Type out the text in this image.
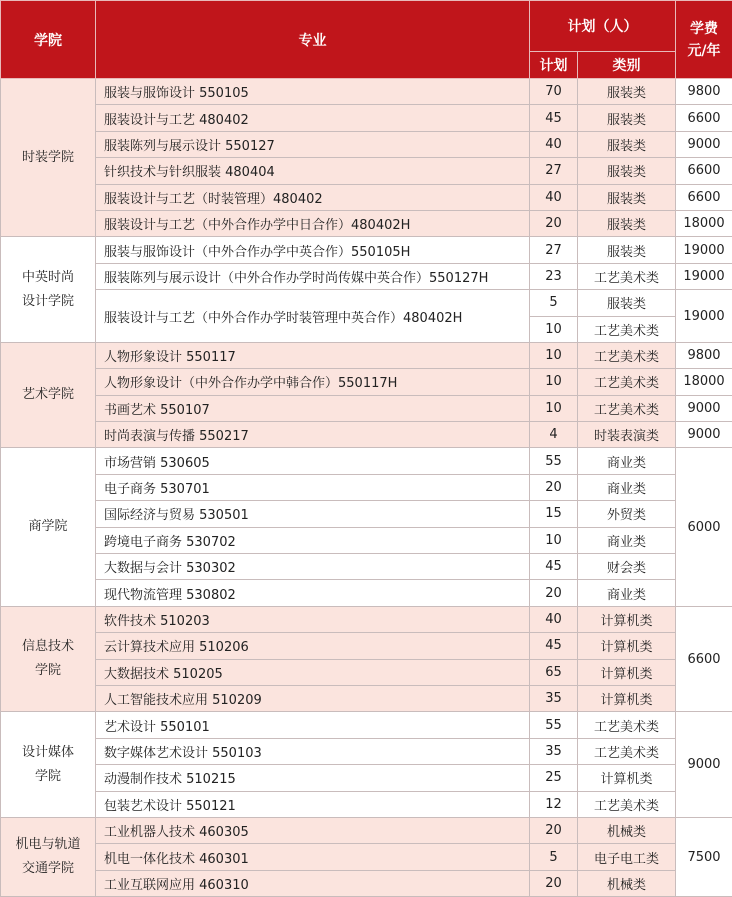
学院	专业	计划（人）		学费
元/年

		计划	类别	

时装学院	服装与服饰设计 550105	70	服装类	9800
	服装设计与工艺 480402	45	服装类	6600
	服装陈列与展示设计 550127	40	服装类	9000
	针织技术与针织服装 480404	27	服装类	6600
	服装设计与工艺（时装管理）480402	40	服装类	6600
	服装设计与工艺（中外合作办学中日合作）480402H	20	服装类	18000

中英时尚
设计学院	服装与服饰设计（中外合作办学中英合作）550105H	27	服装类	19000
	服装陈列与展示设计（中外合作办学时尚传媒中英合作）550127H	23	工艺美术类	19000
	服装设计与工艺（中外合作办学时装管理中英合作）480402H	5	服装类	19000
		10	工艺美术类	

艺术学院	人物形象设计 550117	10	工艺美术类	9800
	人物形象设计（中外合作办学中韩合作）550117H	10	工艺美术类	18000
	书画艺术 550107	10	工艺美术类	9000
	时尚表演与传播 550217	4	时装表演类	9000

商学院	市场营销 530605	55	商业类	6000
	电子商务 530701	20	商业类	
	国际经济与贸易 530501	15	外贸类	
	跨境电子商务 530702	10	商业类	
	大数据与会计 530302	45	财会类	
	现代物流管理 530802	20	商业类	

信息技术
学院	软件技术 510203	40	计算机类	6600
	云计算技术应用 510206	45	计算机类	
	大数据技术 510205	65	计算机类	
	人工智能技术应用 510209	35	计算机类	

设计媒体
学院	艺术设计 550101	55	工艺美术类	9000
	数字媒体艺术设计 550103	35	工艺美术类	
	动漫制作技术 510215	25	计算机类	
	包装艺术设计 550121	12	工艺美术类	

机电与轨道
交通学院	工业机器人技术 460305	20	机械类	7500
	机电一体化技术 460301	5	电子电工类	
	工业互联网应用 460310	20	机械类	
